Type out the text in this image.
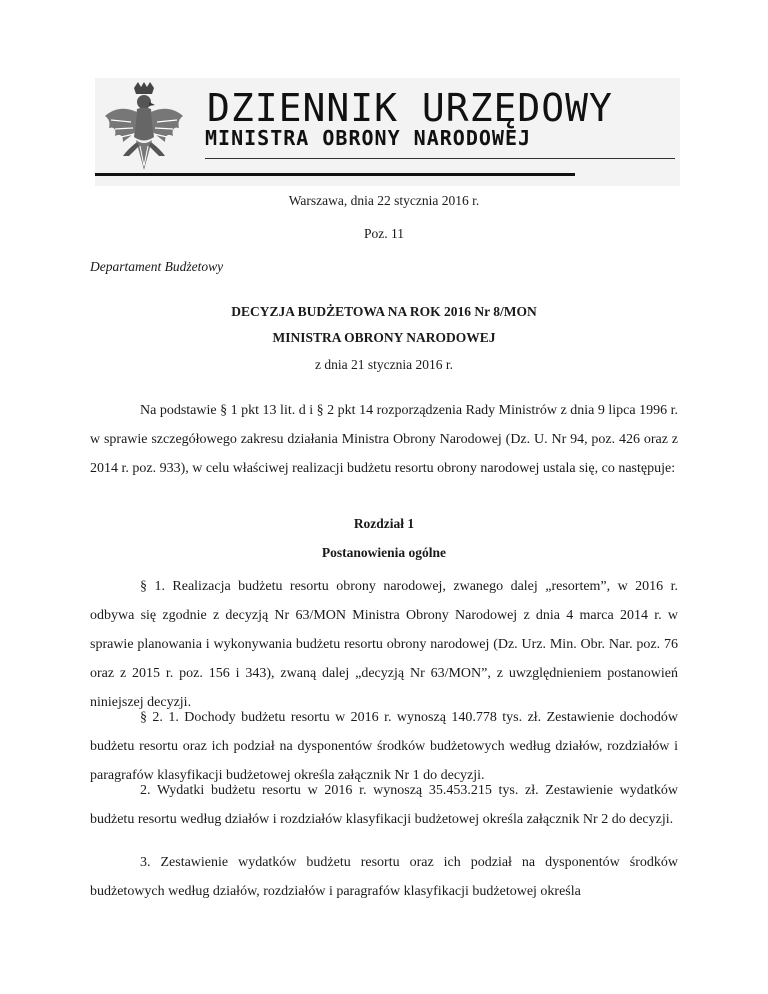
DZIENNIK URZĘDOWY
MINISTRA OBRONY NARODOWEJ
Warszawa, dnia 22 stycznia 2016 r.
Poz. 11
Departament Budżetowy
DECYZJA BUDŻETOWA NA ROK 2016 Nr 8/MON
MINISTRA OBRONY NARODOWEJ
z dnia 21 stycznia 2016 r.

Na podstawie § 1 pkt 13 lit. d i § 2 pkt 14 rozporządzenia Rady Ministrów z dnia 9 lipca 1996 r. w sprawie szczegółowego zakresu działania Ministra Obrony Narodowej (Dz. U. Nr 94, poz. 426 oraz z 2014 r. poz. 933), w celu właściwej realizacji budżetu resortu obrony narodowej ustala się, co następuje:

Rozdział 1
Postanowienia ogólne

§ 1. Realizacja budżetu resortu obrony narodowej, zwanego dalej „resortem”, w 2016 r. odbywa się zgodnie z decyzją Nr 63/MON Ministra Obrony Narodowej z dnia 4 marca 2014 r. w sprawie planowania i wykonywania budżetu resortu obrony narodowej (Dz. Urz. Min. Obr. Nar. poz. 76 oraz z 2015 r. poz. 156 i 343), zwaną dalej „decyzją Nr 63/MON”, z uwzględnieniem postanowień niniejszej decyzji.

§ 2. 1. Dochody budżetu resortu w 2016 r. wynoszą 140.778 tys. zł. Zestawienie dochodów budżetu resortu oraz ich podział na dysponentów środków budżetowych według działów, rozdziałów i paragrafów klasyfikacji budżetowej określa załącznik Nr 1 do decyzji.

2. Wydatki budżetu resortu w 2016 r. wynoszą 35.453.215 tys. zł. Zestawienie wydatków budżetu resortu według działów i rozdziałów klasyfikacji budżetowej określa załącznik Nr 2 do decyzji.

3. Zestawienie wydatków budżetu resortu oraz ich podział na dysponentów środków budżetowych według działów, rozdziałów i paragrafów klasyfikacji budżetowej określa
